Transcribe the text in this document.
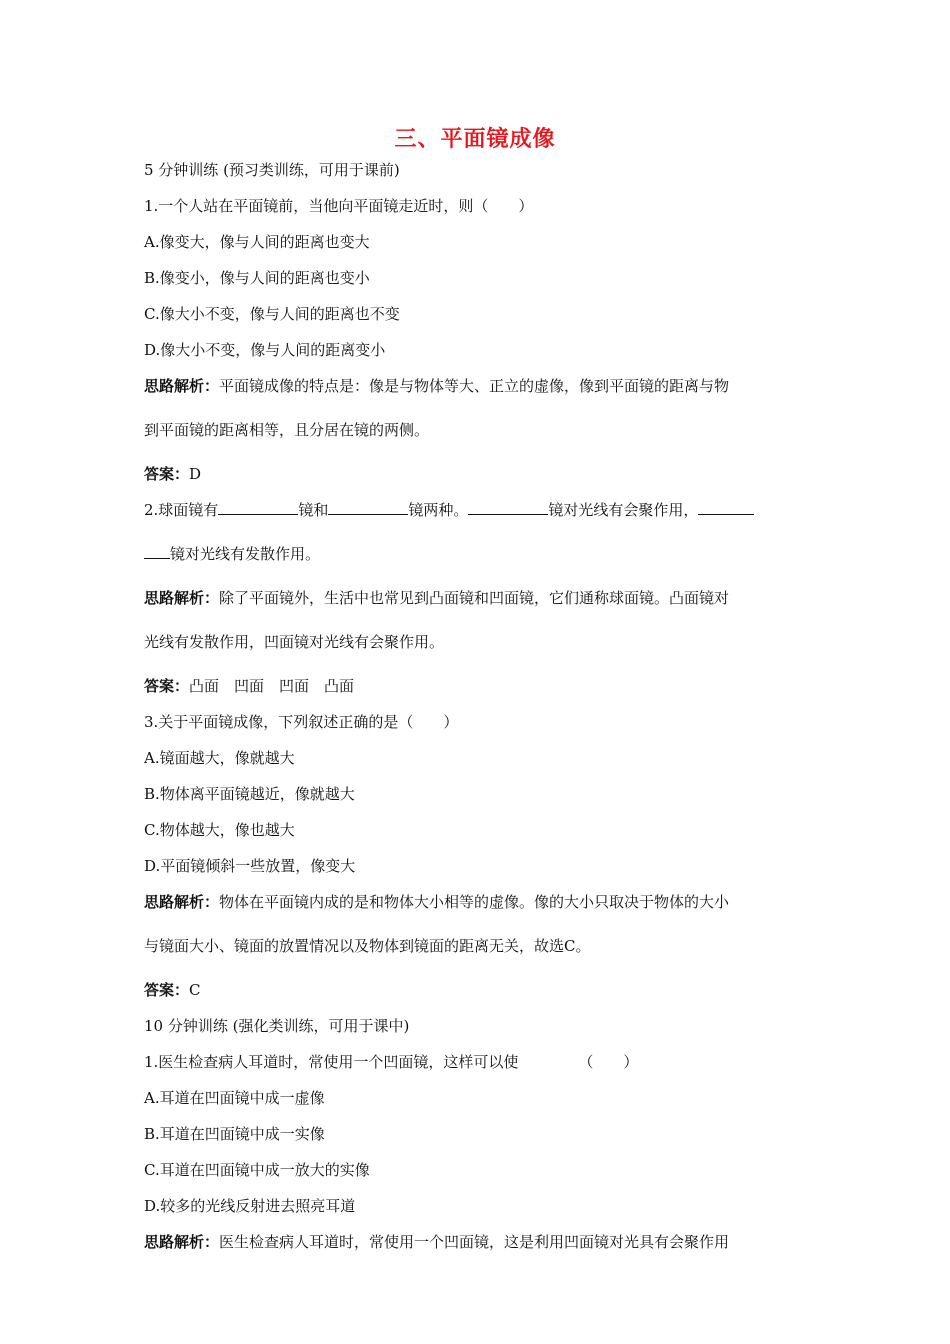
三、平面镜成像
5 分钟训练 (预习类训练，可用于课前)
1.一个人站在平面镜前，当他向平面镜走近时，则（　　）
A.像变大，像与人间的距离也变大
B.像变小，像与人间的距离也变小
C.像大小不变，像与人间的距离也不变
D.像大小不变，像与人间的距离变小
思路解析：平面镜成像的特点是：像是与物体等大、正立的虚像，像到平面镜的距离与物
到平面镜的距离相等，且分居在镜的两侧。
答案：D
2.球面镜有	镜和	镜两种。	镜对光线有会聚作用，
镜对光线有发散作用。
思路解析：除了平面镜外，生活中也常见到凸面镜和凹面镜，它们通称球面镜。凸面镜对
光线有发散作用，凹面镜对光线有会聚作用。
答案：凸面　凹面　凹面　凸面
3.关于平面镜成像，下列叙述正确的是（　　）
A.镜面越大，像就越大
B.物体离平面镜越近，像就越大
C.物体越大，像也越大
D.平面镜倾斜一些放置，像变大
思路解析：物体在平面镜内成的是和物体大小相等的虚像。像的大小只取决于物体的大小
与镜面大小、镜面的放置情况以及物体到镜面的距离无关，故选C。
答案：C
10 分钟训练 (强化类训练，可用于课中)
1.医生检查病人耳道时，常使用一个凹面镜，这样可以使	（　　）
A.耳道在凹面镜中成一虚像
B.耳道在凹面镜中成一实像
C.耳道在凹面镜中成一放大的实像
D.较多的光线反射进去照亮耳道
思路解析：医生检查病人耳道时，常使用一个凹面镜，这是利用凹面镜对光具有会聚作用
